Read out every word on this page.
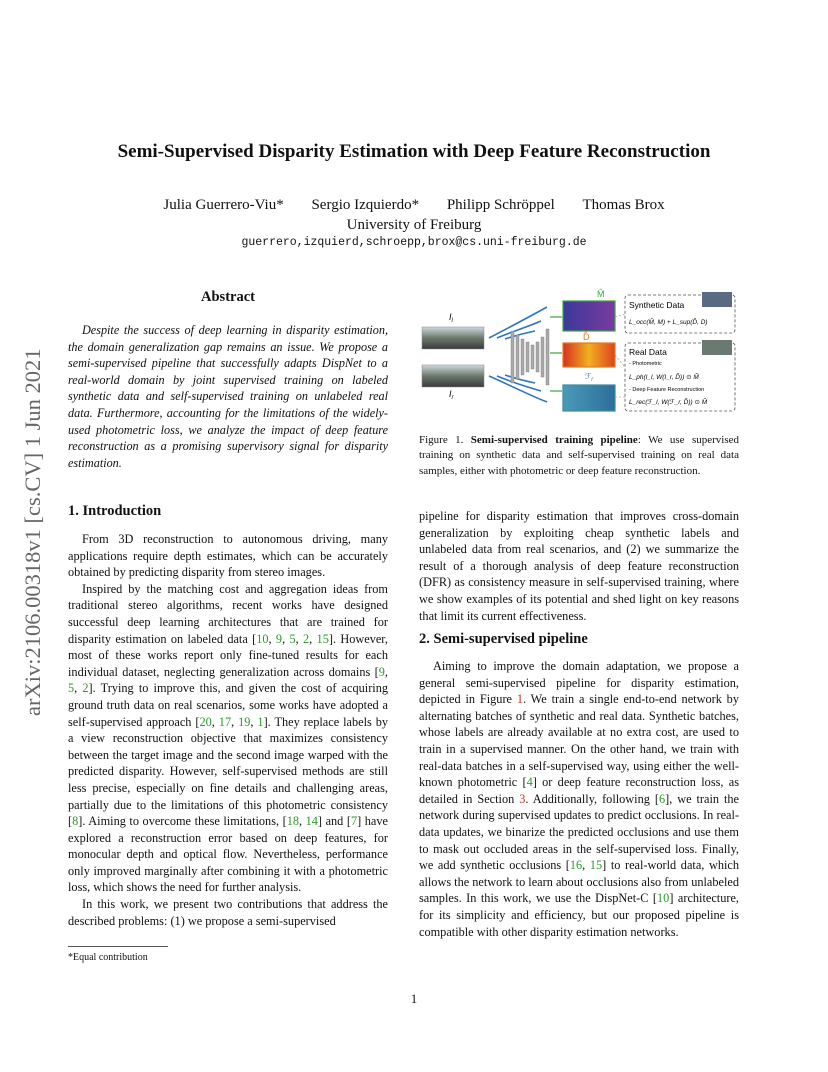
Semi-Supervised Disparity Estimation with Deep Feature Reconstruction
Julia Guerrero-Viu* Sergio Izquierdo* Philipp Schröppel Thomas Brox
University of Freiburg
guerrero,izquierd,schroepp,brox@cs.uni-freiburg.de
arXiv:2106.00318v1 [cs.CV] 1 Jun 2021
Abstract
Despite the success of deep learning in disparity estimation, the domain generalization gap remains an issue. We propose a semi-supervised pipeline that successfully adapts DispNet to a real-world domain by joint supervised training on labeled synthetic data and self-supervised training on unlabeled real data. Furthermore, accounting for the limitations of the widely-used photometric loss, we analyze the impact of deep feature reconstruction as a promising supervisory signal for disparity estimation.
1. Introduction

From 3D reconstruction to autonomous driving, many applications require depth estimates, which can be accurately obtained by predicting disparity from stereo images.

Inspired by the matching cost and aggregation ideas from traditional stereo algorithms, recent works have designed successful deep learning architectures that are trained for disparity estimation on labeled data [10, 9, 5, 2, 15]. However, most of these works report only fine-tuned results for each individual dataset, neglecting generalization across domains [9, 5, 2]. Trying to improve this, and given the cost of acquiring ground truth data on real scenarios, some works have adopted a self-supervised approach [20, 17, 19, 1]. They replace labels by a view reconstruction objective that maximizes consistency between the target image and the second image warped with the predicted disparity. However, self-supervised methods are still less precise, especially on fine details and challenging areas, partially due to the limitations of this photometric consistency [8]. Aiming to overcome these limitations, [18, 14] and [7] have explored a reconstruction error based on deep features, for monocular depth and optical flow. Nevertheless, performance only improved marginally after combining it with a photometric loss, which shows the need for further analysis.

In this work, we present two contributions that address the described problems: (1) we propose a semi-supervised

*Equal contribution
$I_l$
$I_r$
M̂
D̂
ℱ$_r$
Synthetic Data
L_occ(M̂, M) + L_sup(D̂, D)
Real Data
- Photometric
L_ph(I_l, W(I_r, D̂)) ⊙ M̂
- Deep Feature Reconstruction
L_rec(ℱ_l, W(ℱ_r, D̂)) ⊙ M̂
Figure 1. Semi-supervised training pipeline: We use supervised training on synthetic data and self-supervised training on real data samples, either with photometric or deep feature reconstruction.

pipeline for disparity estimation that improves cross-domain generalization by exploiting cheap synthetic labels and unlabeled data from real scenarios, and (2) we summarize the result of a thorough analysis of deep feature reconstruction (DFR) as consistency measure in self-supervised training, where we show examples of its potential and shed light on key reasons that limit its current effectiveness.

2. Semi-supervised pipeline

Aiming to improve the domain adaptation, we propose a general semi-supervised pipeline for disparity estimation, depicted in Figure 1. We train a single end-to-end network by alternating batches of synthetic and real data. Synthetic batches, whose labels are already available at no extra cost, are used to train in a supervised manner. On the other hand, we train with real-data batches in a self-supervised way, using either the well-known photometric [4] or deep feature reconstruction loss, as detailed in Section 3. Additionally, following [6], we train the network during supervised updates to predict occlusions. In real-data updates, we binarize the predicted occlusions and use them to mask out occluded areas in the self-supervised loss. Finally, we add synthetic occlusions [16, 15] to real-world data, which allows the network to learn about occlusions also from unlabeled samples. In this work, we use the DispNet-C [10] architecture, for its simplicity and efficiency, but our proposed pipeline is compatible with other disparity estimation networks.

1
